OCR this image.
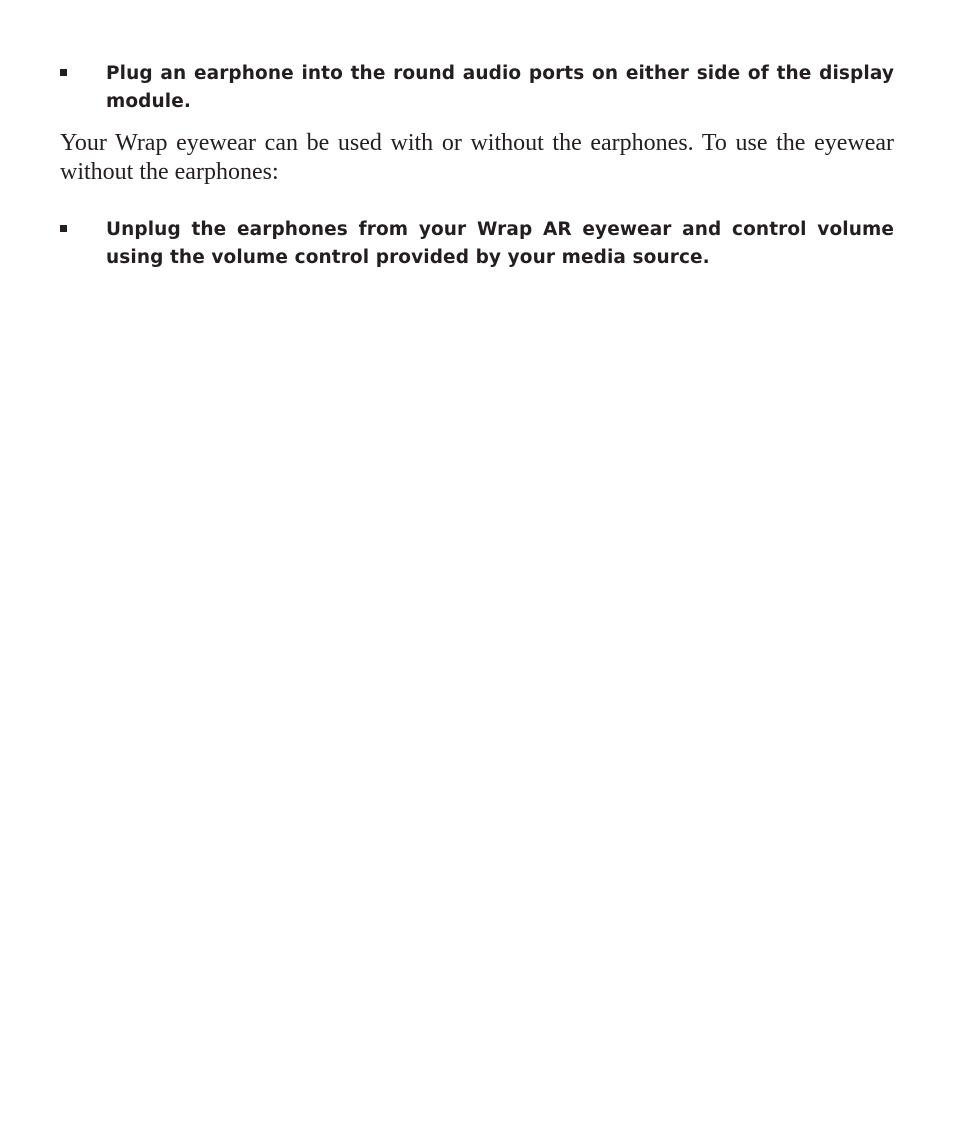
Plug an earphone into the round audio ports on either side of the display module.

Your Wrap eyewear can be used with or without the earphones. To use the eyewear without the earphones:

Unplug the earphones from your Wrap AR eyewear and control volume using the volume control provided by your media source.
